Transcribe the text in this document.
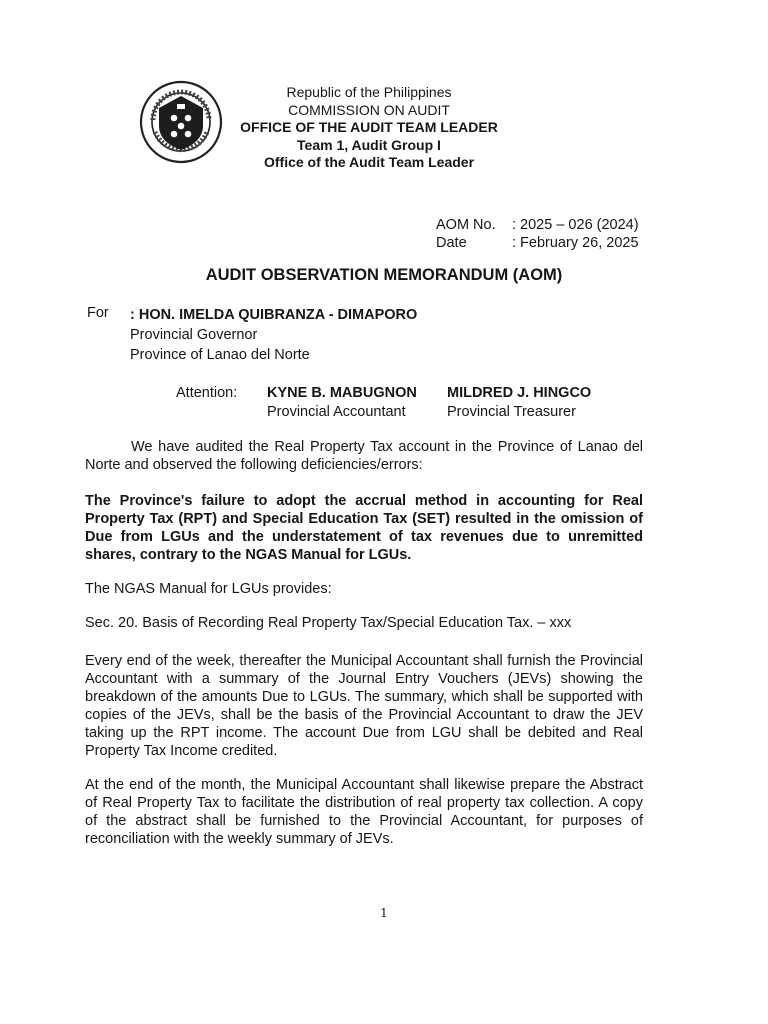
Republic of the Philippines
COMMISSION ON AUDIT
OFFICE OF THE AUDIT TEAM LEADER
Team 1, Audit Group I
Office of the Audit Team Leader
AOM No.	: 2025 – 026 (2024)
Date	: February 26, 2025
AUDIT OBSERVATION MEMORANDUM (AOM)
For : HON. IMELDA QUIBRANZA - DIMAPORO
Provincial Governor
Province of Lanao del Norte
Attention: KYNE B. MABUGNON
Provincial Accountant
MILDRED J. HINGCO
Provincial Treasurer

We have audited the Real Property Tax account in the Province of Lanao del Norte and observed the following deficiencies/errors:

The Province's failure to adopt the accrual method in accounting for Real Property Tax (RPT) and Special Education Tax (SET) resulted in the omission of Due from LGUs and the understatement of tax revenues due to unremitted shares, contrary to the NGAS Manual for LGUs.

The NGAS Manual for LGUs provides:

Sec. 20. Basis of Recording Real Property Tax/Special Education Tax. – xxx

Every end of the week, thereafter the Municipal Accountant shall furnish the Provincial Accountant with a summary of the Journal Entry Vouchers (JEVs) showing the breakdown of the amounts Due to LGUs. The summary, which shall be supported with copies of the JEVs, shall be the basis of the Provincial Accountant to draw the JEV taking up the RPT income. The account Due from LGU shall be debited and Real Property Tax Income credited.

At the end of the month, the Municipal Accountant shall likewise prepare the Abstract of Real Property Tax to facilitate the distribution of real property tax collection. A copy of the abstract shall be furnished to the Provincial Accountant, for purposes of reconciliation with the weekly summary of JEVs.

1
